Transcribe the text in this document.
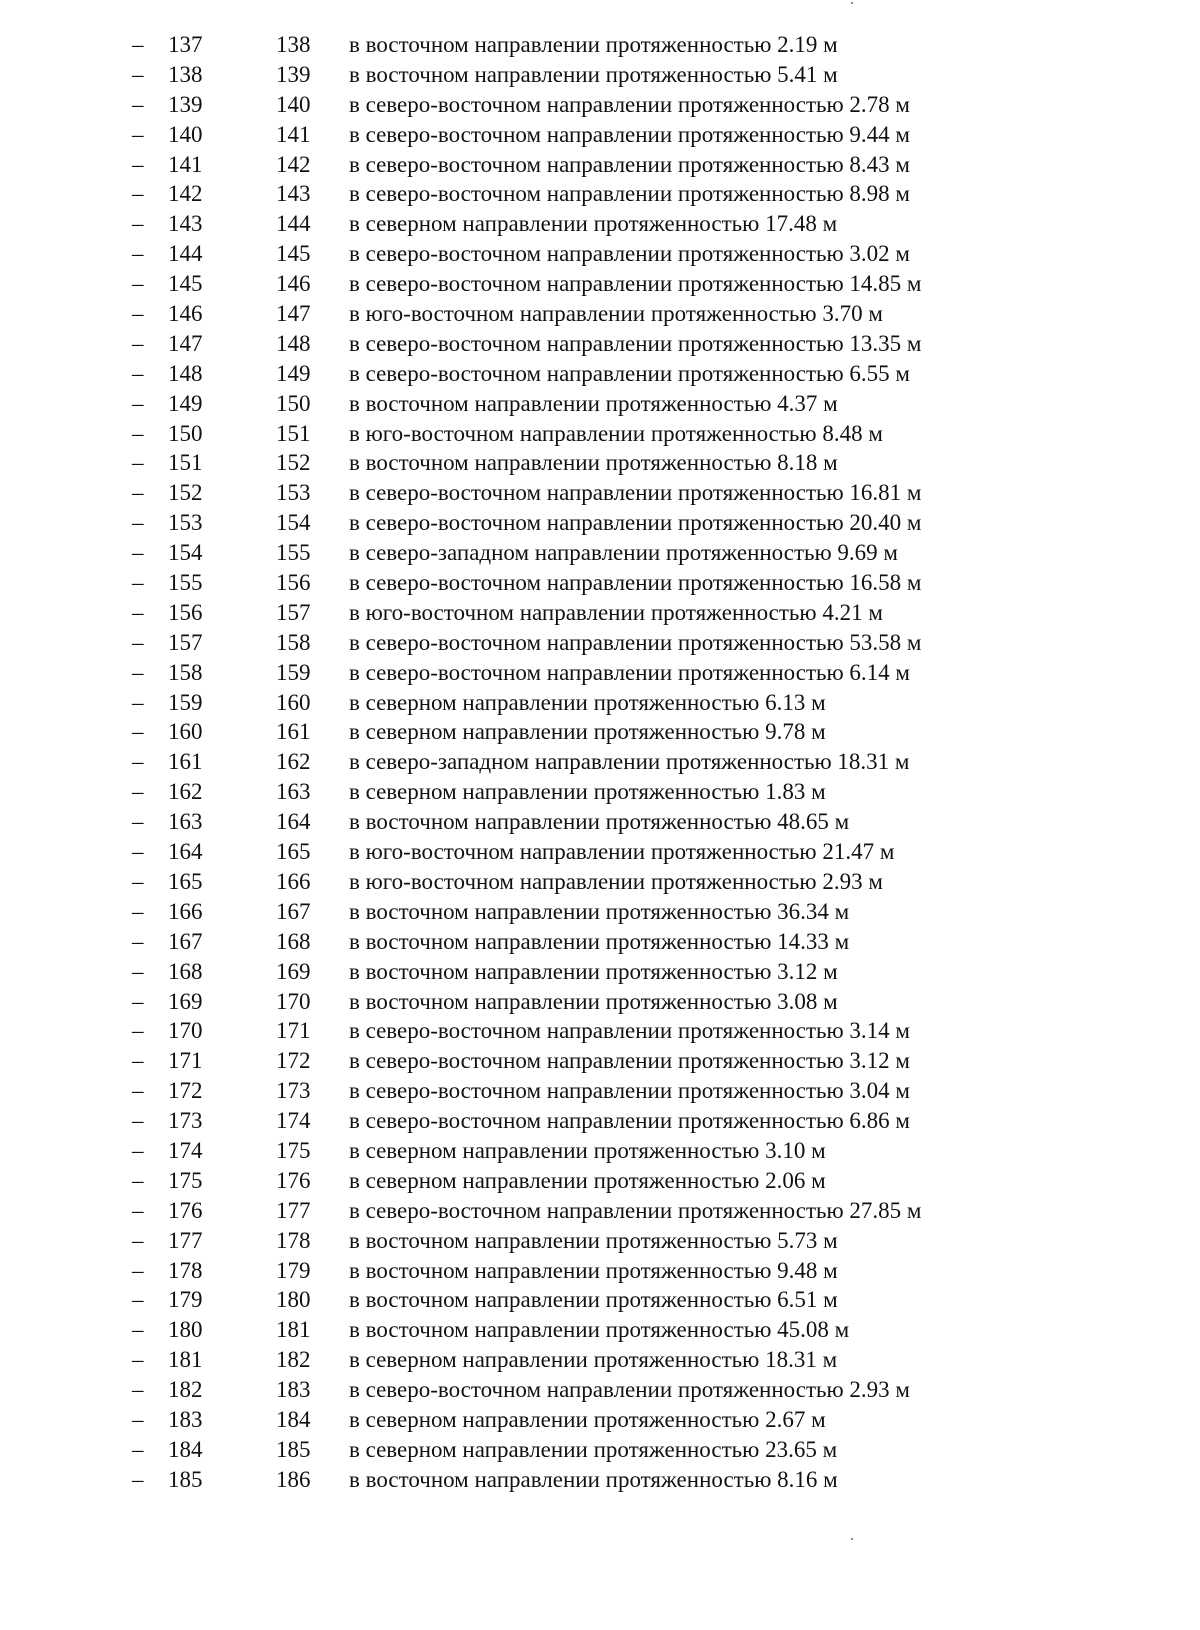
– 137	138 в восточном направлении протяженностью 2.19 м
– 138	139 в восточном направлении протяженностью 5.41 м
– 139	140 в северо-восточном направлении протяженностью 2.78 м
– 140	141 в северо-восточном направлении протяженностью 9.44 м
– 141	142 в северо-восточном направлении протяженностью 8.43 м
– 142	143 в северо-восточном направлении протяженностью 8.98 м
– 143	144 в северном направлении протяженностью 17.48 м
– 144	145 в северо-восточном направлении протяженностью 3.02 м
– 145	146 в северо-восточном направлении протяженностью 14.85 м
– 146	147 в юго-восточном направлении протяженностью 3.70 м
– 147	148 в северо-восточном направлении протяженностью 13.35 м
– 148	149 в северо-восточном направлении протяженностью 6.55 м
– 149	150 в восточном направлении протяженностью 4.37 м
– 150	151 в юго-восточном направлении протяженностью 8.48 м
– 151	152 в восточном направлении протяженностью 8.18 м
– 152	153 в северо-восточном направлении протяженностью 16.81 м
– 153	154 в северо-восточном направлении протяженностью 20.40 м
– 154	155 в северо-западном направлении протяженностью 9.69 м
– 155	156 в северо-восточном направлении протяженностью 16.58 м
– 156	157 в юго-восточном направлении протяженностью 4.21 м
– 157	158 в северо-восточном направлении протяженностью 53.58 м
– 158	159 в северо-восточном направлении протяженностью 6.14 м
– 159	160 в северном направлении протяженностью 6.13 м
– 160	161 в северном направлении протяженностью 9.78 м
– 161	162 в северо-западном направлении протяженностью 18.31 м
– 162	163 в северном направлении протяженностью 1.83 м
– 163	164 в восточном направлении протяженностью 48.65 м
– 164	165 в юго-восточном направлении протяженностью 21.47 м
– 165	166 в юго-восточном направлении протяженностью 2.93 м
– 166	167 в восточном направлении протяженностью 36.34 м
– 167	168 в восточном направлении протяженностью 14.33 м
– 168	169 в восточном направлении протяженностью 3.12 м
– 169	170 в восточном направлении протяженностью 3.08 м
– 170	171 в северо-восточном направлении протяженностью 3.14 м
– 171	172 в северо-восточном направлении протяженностью 3.12 м
– 172	173 в северо-восточном направлении протяженностью 3.04 м
– 173	174 в северо-восточном направлении протяженностью 6.86 м
– 174	175 в северном направлении протяженностью 3.10 м
– 175	176 в северном направлении протяженностью 2.06 м
– 176	177 в северо-восточном направлении протяженностью 27.85 м
– 177	178 в восточном направлении протяженностью 5.73 м
– 178	179 в восточном направлении протяженностью 9.48 м
– 179	180 в восточном направлении протяженностью 6.51 м
– 180	181 в восточном направлении протяженностью 45.08 м
– 181	182 в северном направлении протяженностью 18.31 м
– 182	183 в северо-восточном направлении протяженностью 2.93 м
– 183	184 в северном направлении протяженностью 2.67 м
– 184	185 в северном направлении протяженностью 23.65 м
– 185	186 в восточном направлении протяженностью 8.16 м
